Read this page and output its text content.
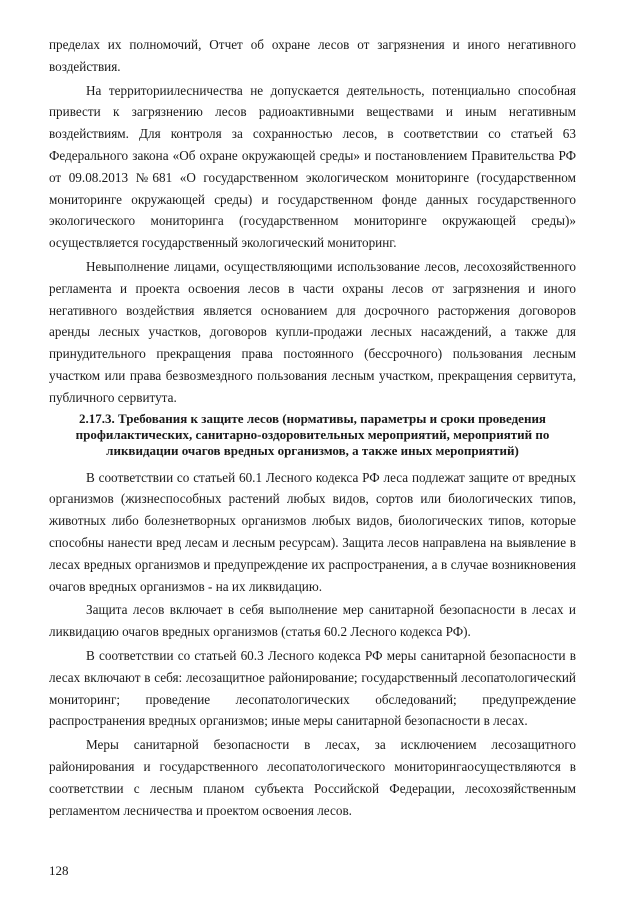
пределах их полномочий, Отчет об охране лесов от загрязнения и иного негативного воздействия.

На территориилесничества не допускается деятельность, потенциально способная привести к загрязнению лесов радиоактивными веществами и иным негативным воздействиям. Для контроля за сохранностью лесов, в соответствии со статьей 63 Федерального закона «Об охране окружающей среды» и постановлением Правительства РФ от 09.08.2013 №681 «О государственном экологическом мониторинге (государственном мониторинге окружающей среды) и государственном фонде данных государственного экологического мониторинга (государственном мониторинге окружающей среды)» осуществляется государственный экологический мониторинг.

Невыполнение лицами, осуществляющими использование лесов, лесохозяйственного регламента и проекта освоения лесов в части охраны лесов от загрязнения и иного негативного воздействия является основанием для досрочного расторжения договоров аренды лесных участков, договоров купли-продажи лесных насаждений, а также для принудительного прекращения права постоянного (бессрочного) пользования лесным участком или права безвозмездного пользования лесным участком, прекращения сервитута, публичного сервитута.

2.17.3. Требования к защите лесов (нормативы, параметры и сроки проведения профилактических, санитарно-оздоровительных мероприятий, мероприятий по ликвидации очагов вредных организмов, а также иных мероприятий)

В соответствии со статьей 60.1 Лесного кодекса РФ леса подлежат защите от вредных организмов (жизнеспособных растений любых видов, сортов или биологических типов, животных либо болезнетворных организмов любых видов, биологических типов, которые способны нанести вред лесам и лесным ресурсам). Защита лесов направлена на выявление в лесах вредных организмов и предупреждение их распространения, а в случае возникновения очагов вредных организмов - на их ликвидацию.

Защита лесов включает в себя выполнение мер санитарной безопасности в лесах и ликвидацию очагов вредных организмов (статья 60.2 Лесного кодекса РФ).

В соответствии со статьей 60.3 Лесного кодекса РФ меры санитарной безопасности в лесах включают в себя: лесозащитное районирование; государственный лесопатологический мониторинг; проведение лесопатологических обследований; предупреждение распространения вредных организмов; иные меры санитарной безопасности в лесах.

Меры санитарной безопасности в лесах, за исключением лесозащитного районирования и государственного лесопатологического мониторингаосуществляются в соответствии с лесным планом субъекта Российской Федерации, лесохозяйственным регламентом лесничества и проектом освоения лесов.

128
